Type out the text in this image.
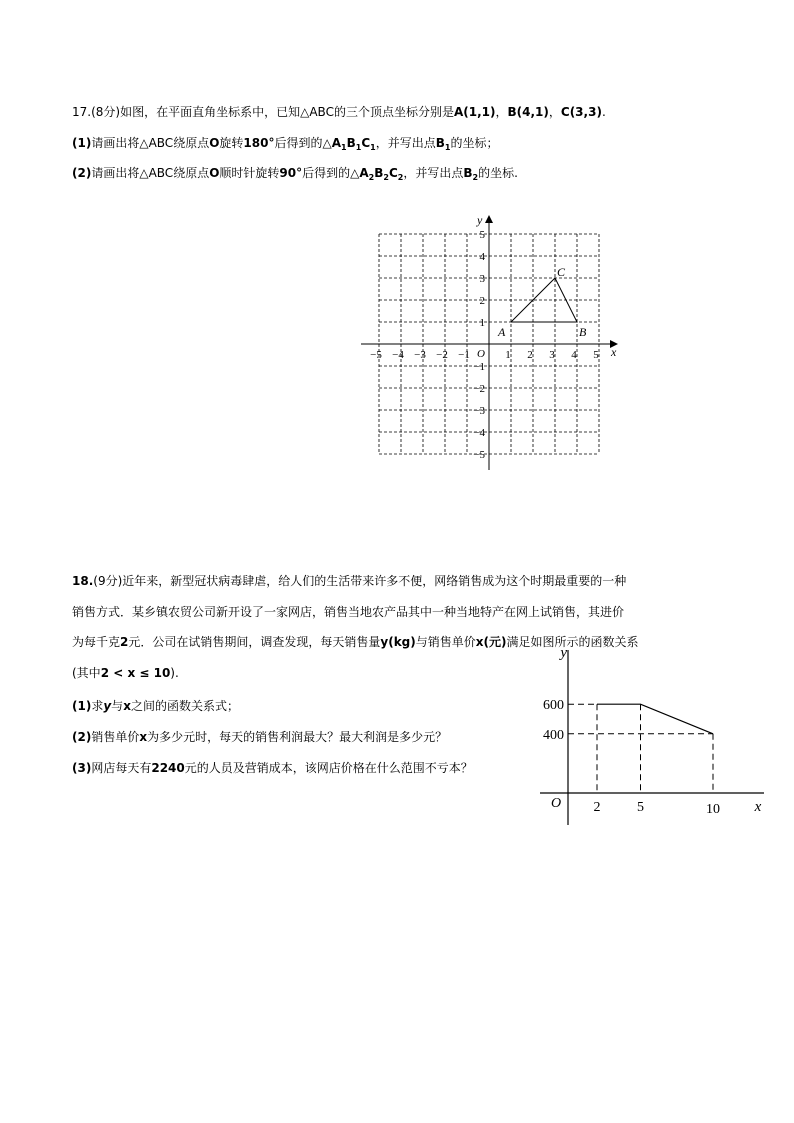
17.(8分)如图，在平面直角坐标系中，已知△ABC的三个顶点坐标分别是A(1,1)，B(4,1)，C(3,3).
(1)请画出将△ABC绕原点O旋转180°后得到的$\triangle A_1B_1C_1$，并写出点$B_1$的坐标；
(2)请画出将△ABC绕原点O顺时针旋转90°后得到的$\triangle A_2B_2C_2$，并写出点$B_2$的坐标.
−5 −4 −3 −2 −1	1 2 3 4 5
5
4
3
2
1
−1
−2
−3
−4
−5
x
y
O
A	B
C
18.(9分)近年来，新型冠状病毒肆虐，给人们的生活带来许多不便，网络销售成为这个时期最重要的一种
销售方式．某乡镇农贸公司新开设了一家网店，销售当地农产品其中一种当地特产在网上试销售，其进价
为每千克2元．公司在试销售期间，调查发现，每天销售量y(kg)与销售单价x(元)满足如图所示的函数关系
(其中2 < x ≤ 10).
(1)求y与x之间的函数关系式；
(2)销售单价x为多少元时，每天的销售利润最大？最大利润是多少元？
(3)网店每天有2240元的人员及营销成本，该网店价格在什么范围不亏本？
y
x
O
600
400
2	5	10
